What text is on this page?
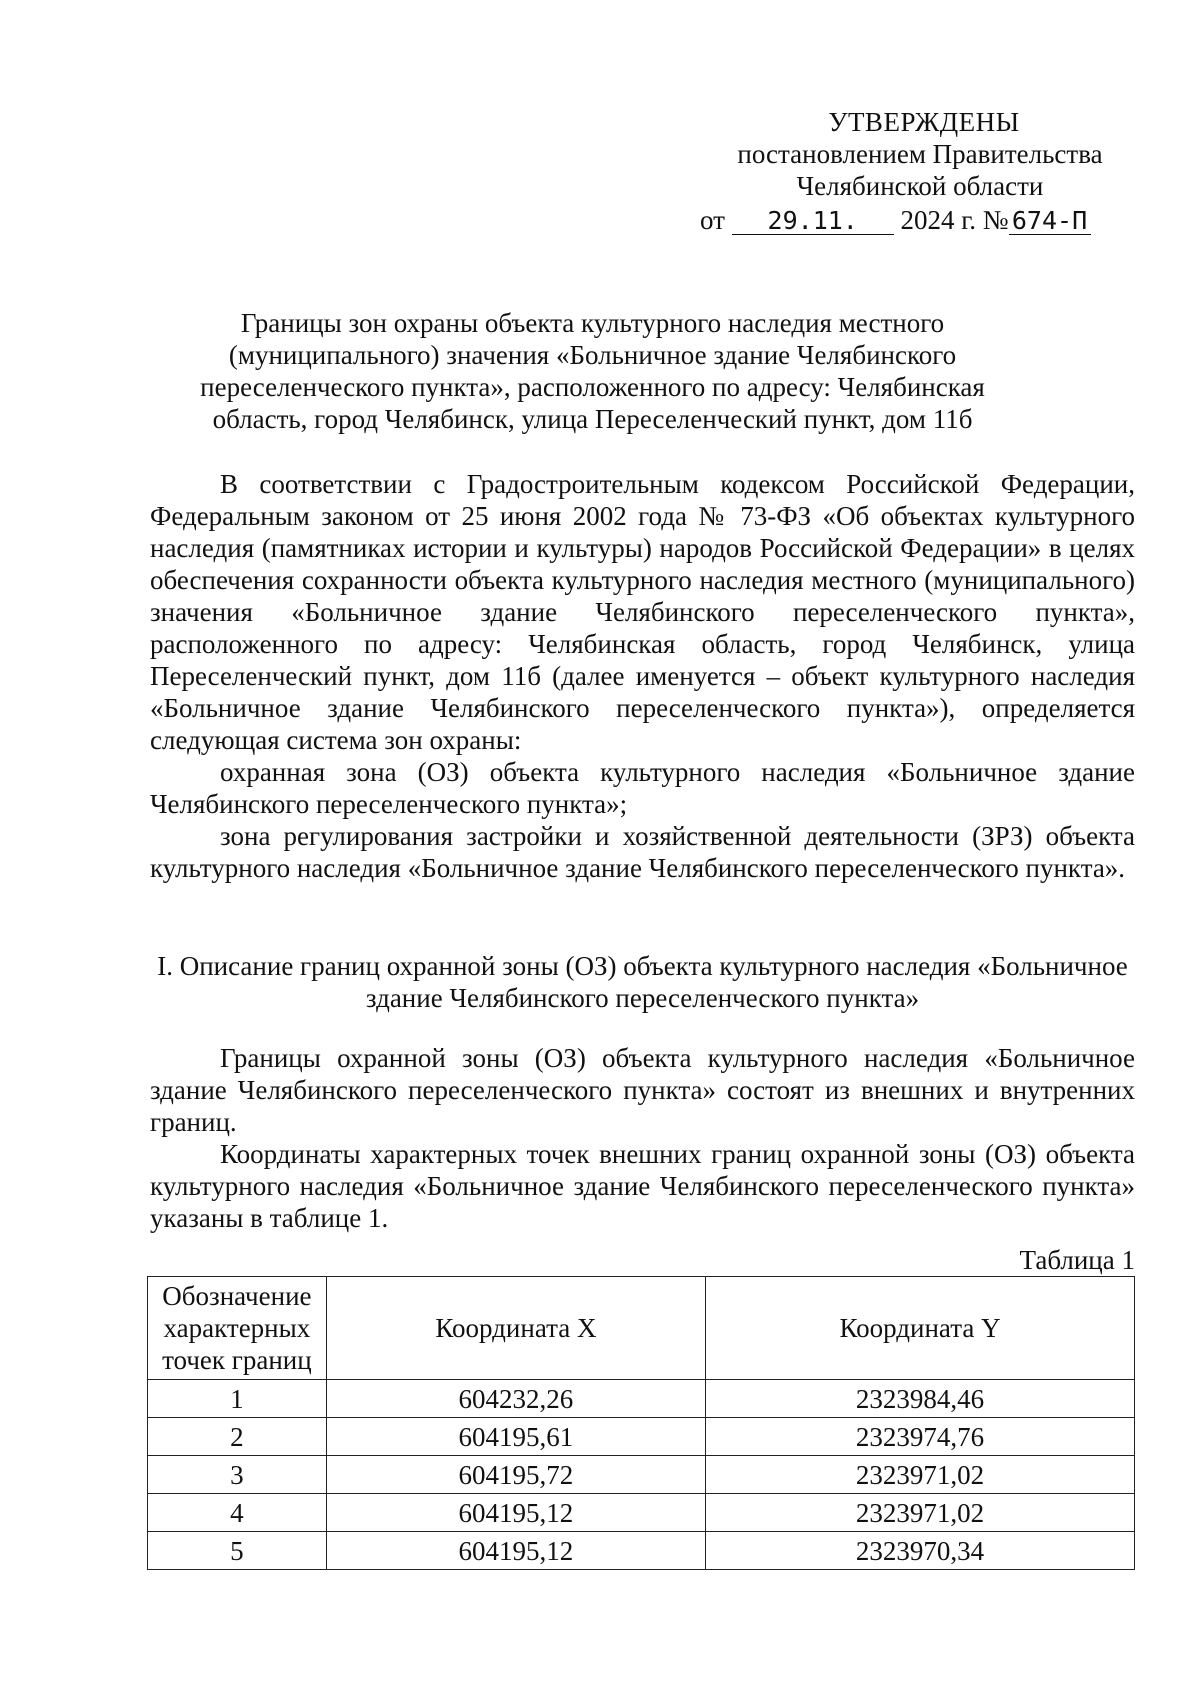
УТВЕРЖДЕНЫ
постановлением Правительства
Челябинской области
от 29.11. 2024 г. № 674-П
Границы зон охраны объекта культурного наследия местного (муниципального) значения «Больничное здание Челябинского переселенческого пункта», расположенного по адресу: Челябинская область, город Челябинск, улица Переселенческий пункт, дом 11б

В соответствии с Градостроительным кодексом Российской Федерации, Федеральным законом от 25 июня 2002 года № 73-ФЗ «Об объектах культурного наследия (памятниках истории и культуры) народов Российской Федерации» в целях обеспечения сохранности объекта культурного наследия местного (муниципального) значения «Больничное здание Челябинского переселенческого пункта», расположенного по адресу: Челябинская область, город Челябинск, улица Переселенческий пункт, дом 11б (далее именуется – объект культурного наследия «Больничное здание Челябинского переселенческого пункта»), определяется следующая система зон охраны:

охранная зона (ОЗ) объекта культурного наследия «Больничное здание Челябинского переселенческого пункта»;

зона регулирования застройки и хозяйственной деятельности (ЗРЗ) объекта культурного наследия «Больничное здание Челябинского переселенческого пункта».

I. Описание границ охранной зоны (ОЗ) объекта культурного наследия «Больничное здание Челябинского переселенческого пункта»

Границы охранной зоны (ОЗ) объекта культурного наследия «Больничное здание Челябинского переселенческого пункта» состоят из внешних и внутренних границ.

Координаты характерных точек внешних границ охранной зоны (ОЗ) объекта культурного наследия «Больничное здание Челябинского переселенческого пункта» указаны в таблице 1.

Таблица 1
Обозначение характерных точек границ	Координата X	Координата Y
1	604232,26	2323984,46
2	604195,61	2323974,76
3	604195,72	2323971,02
4	604195,12	2323971,02
5	604195,12	2323970,34
